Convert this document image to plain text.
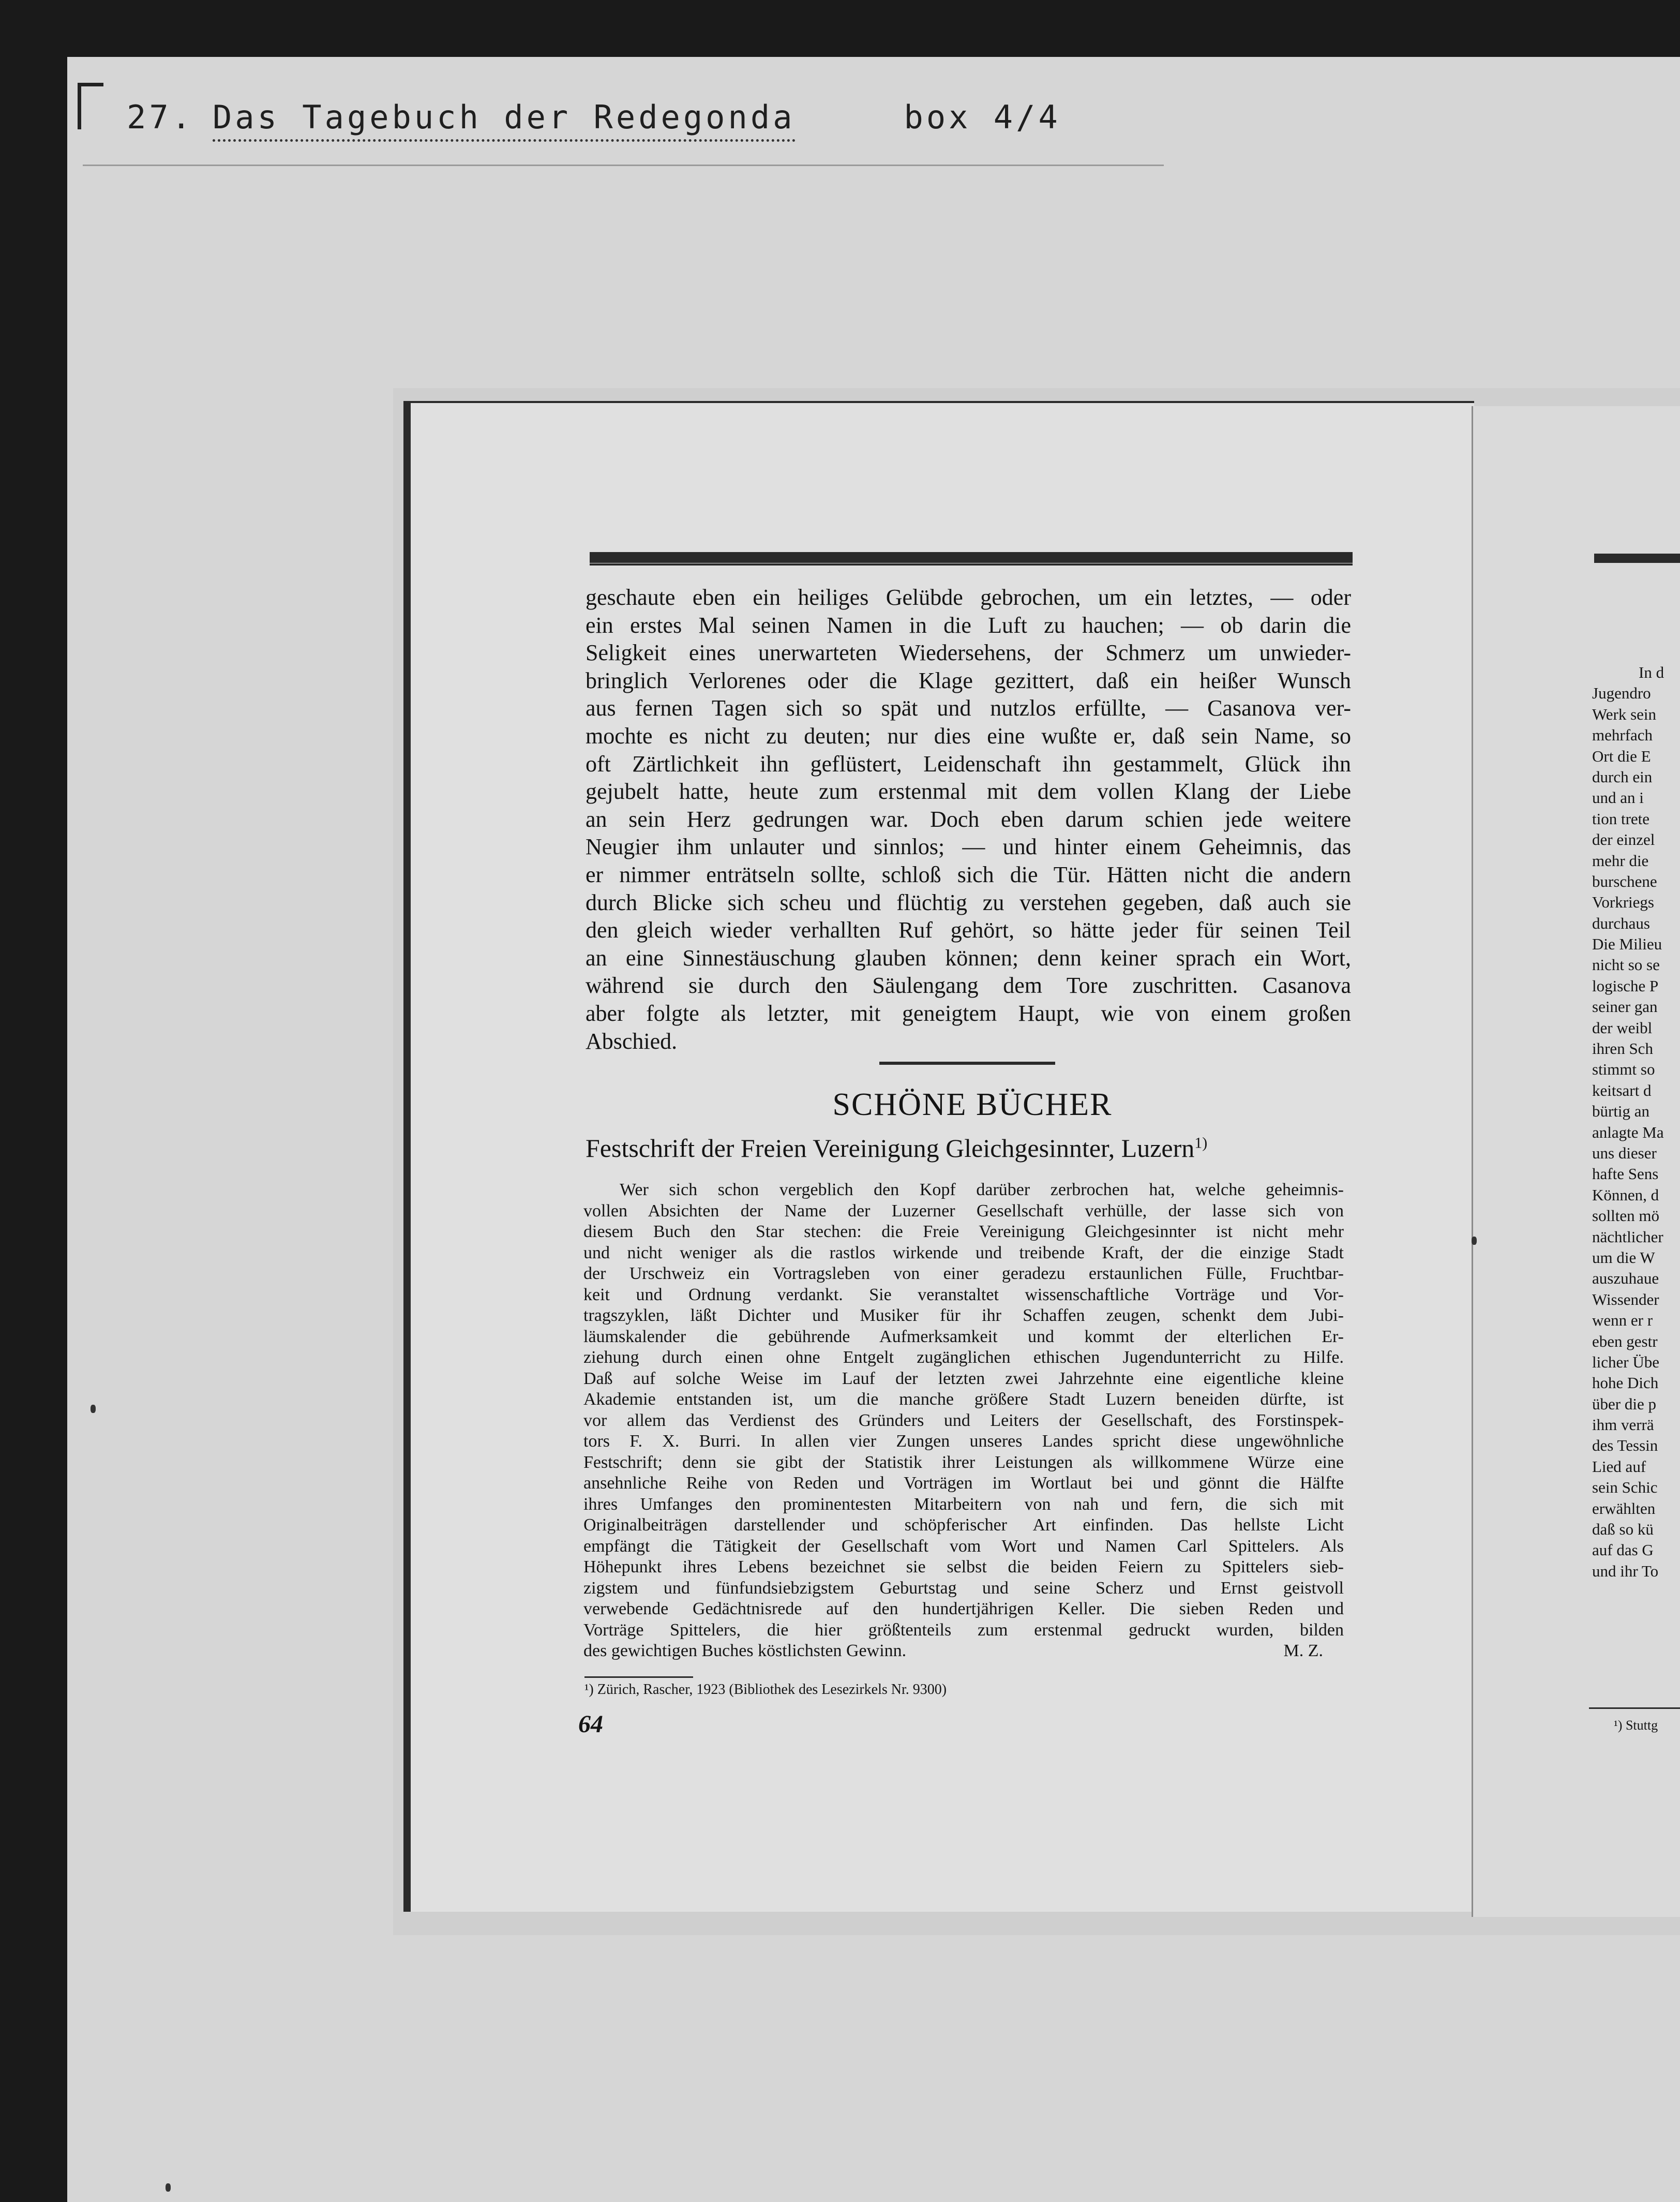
27. Das Tagebuch der Redegonda	box 4/4
geschaute eben ein heiliges Gelübde gebrochen, um ein letztes, — oder
ein erstes Mal seinen Namen in die Luft zu hauchen; — ob darin die
Seligkeit eines unerwarteten Wiedersehens, der Schmerz um unwieder-
bringlich Verlorenes oder die Klage gezittert, daß ein heißer Wunsch
aus fernen Tagen sich so spät und nutzlos erfüllte, — Casanova ver-
mochte es nicht zu deuten; nur dies eine wußte er, daß sein Name, so
oft Zärtlichkeit ihn geflüstert, Leidenschaft ihn gestammelt, Glück ihn
gejubelt hatte, heute zum erstenmal mit dem vollen Klang der Liebe
an sein Herz gedrungen war. Doch eben darum schien jede weitere
Neugier ihm unlauter und sinnlos; — und hinter einem Geheimnis, das
er nimmer enträtseln sollte, schloß sich die Tür. Hätten nicht die andern
durch Blicke sich scheu und flüchtig zu verstehen gegeben, daß auch sie
den gleich wieder verhallten Ruf gehört, so hätte jeder für seinen Teil
an eine Sinnestäuschung glauben können; denn keiner sprach ein Wort,
während sie durch den Säulengang dem Tore zuschritten. Casanova
aber folgte als letzter, mit geneigtem Haupt, wie von einem großen
Abschied.
SCHÖNE BÜCHER
Festschrift der Freien Vereinigung Gleichgesinnter, Luzern$^{1)}$
Wer sich schon vergeblich den Kopf darüber zerbrochen hat, welche geheimnis-
vollen Absichten der Name der Luzerner Gesellschaft verhülle, der lasse sich von
diesem Buch den Star stechen: die Freie Vereinigung Gleichgesinnter ist nicht mehr
und nicht weniger als die rastlos wirkende und treibende Kraft, der die einzige Stadt
der Urschweiz ein Vortragsleben von einer geradezu erstaunlichen Fülle, Fruchtbar-
keit und Ordnung verdankt. Sie veranstaltet wissenschaftliche Vorträge und Vor-
tragszyklen, läßt Dichter und Musiker für ihr Schaffen zeugen, schenkt dem Jubi-
läumskalender die gebührende Aufmerksamkeit und kommt der elterlichen Er-
ziehung durch einen ohne Entgelt zugänglichen ethischen Jugendunterricht zu Hilfe.
Daß auf solche Weise im Lauf der letzten zwei Jahrzehnte eine eigentliche kleine
Akademie entstanden ist, um die manche größere Stadt Luzern beneiden dürfte, ist
vor allem das Verdienst des Gründers und Leiters der Gesellschaft, des Forstinspek-
tors F. X. Burri. In allen vier Zungen unseres Landes spricht diese ungewöhnliche
Festschrift; denn sie gibt der Statistik ihrer Leistungen als willkommene Würze eine
ansehnliche Reihe von Reden und Vorträgen im Wortlaut bei und gönnt die Hälfte
ihres Umfanges den prominentesten Mitarbeitern von nah und fern, die sich mit
Originalbeiträgen darstellender und schöpferischer Art einfinden. Das hellste Licht
empfängt die Tätigkeit der Gesellschaft vom Wort und Namen Carl Spittelers. Als
Höhepunkt ihres Lebens bezeichnet sie selbst die beiden Feiern zu Spittelers sieb-
zigstem und fünfundsiebzigstem Geburtstag und seine Scherz und Ernst geistvoll
verwebende Gedächtnisrede auf den hundertjährigen Keller. Die sieben Reden und
Vorträge Spittelers, die hier größtenteils zum erstenmal gedruckt wurden, bilden
des gewichtigen Buches köstlichsten Gewinn.	M. Z.
¹) Zürich, Rascher, 1923 (Bibliothek des Lesezirkels Nr. 9300)
64
In d
Jugendro
Werk sein
mehrfach
Ort die E
durch ein
und an i
tion trete
der einzel
mehr die
burschene
Vorkriegs
durchaus
Die Milieu
nicht so se
logische P
seiner gan
der weibl
ihren Sch
stimmt so
keitsart d
bürtig an
anlagte Ma
uns dieser
hafte Sens
Können, d
sollten mö
nächtlicher
um die W
auszuhaue
Wissender
wenn er r
eben gestr
licher Übe
hohe Dich
über die p
ihm verrä
des Tessin
Lied auf
sein Schic
erwählten
daß so kü
auf das G
und ihr To
¹) Stuttg
